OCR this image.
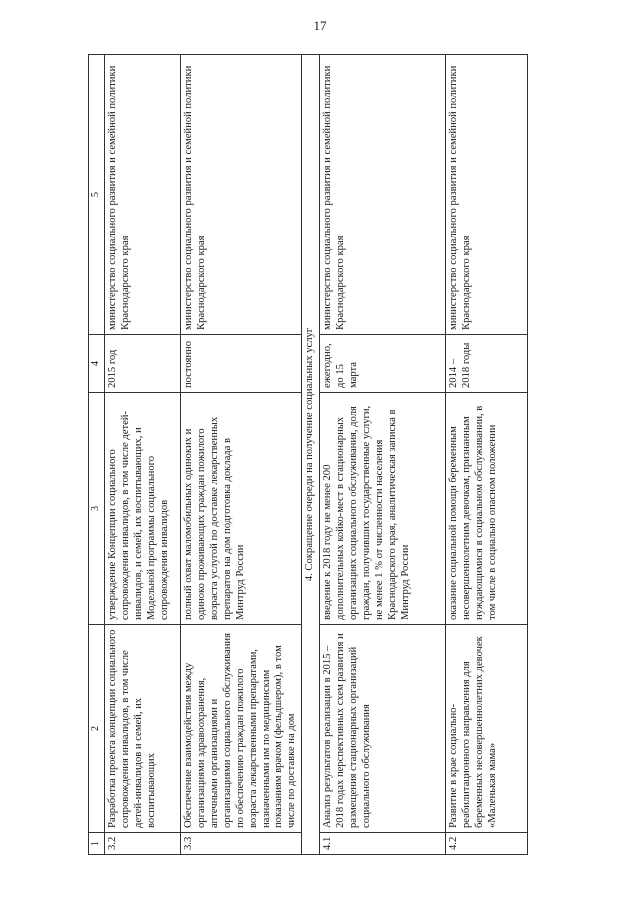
17
1	2	3	4	5
3.2	Разработка проекта концепции социального сопровождения инвалидов, в том числе детей-инвалидов и семей, их воспитывающих	утверждение Концепции социального сопровождения инвалидов, в том числе детей-инвалидов, и семей, их воспитывающих, и Модельной программы социального сопровождения инвалидов	2015 год	министерство социального развития и семейной политики Краснодарского края
3.3	Обеспечение взаимодействия между организациями здравоохранения, аптечными организациями и организациями социального обслуживания по обеспечению граждан пожилого возраста лекарственными препаратами, назначенными им по медицинским показаниям врачом (фельдшером), в том числе по доставке на дом	полный охват маломобильных одиноких и одиноко проживающих граждан пожилого возраста услугой по доставке лекарственных препаратов на дом подготовка доклада в Минтруд России	постоянно	министерство социального развития и семейной политики Краснодарского края
4. Сокращение очереди на получение социальных услуг				
4.1	Анализ результатов реализации в 2015 – 2018 годах перспективных схем развития и размещения стационарных организаций социального обслуживания	введение к 2018 году не менее 200 дополнительных койко-мест в стационарных организациях социального обслуживания, доля граждан, получивших государственные услуги, не менее 1 % от численности населения Краснодарского края, аналитическая записка в Минтруд России	ежегодно, до 15 марта	министерство социального развития и семейной политики Краснодарского края
4.2	Развитие в крае социально-реабилитационного направления для беременных несовершеннолетних девочек «Маленькая мама»	оказание социальной помощи беременным несовершеннолетним девочкам, признанным нуждающимися в социальном обслуживании, в том числе в социально опасном положении	2014 – 2018 годы	министерство социального развития и семейной политики Краснодарского края
